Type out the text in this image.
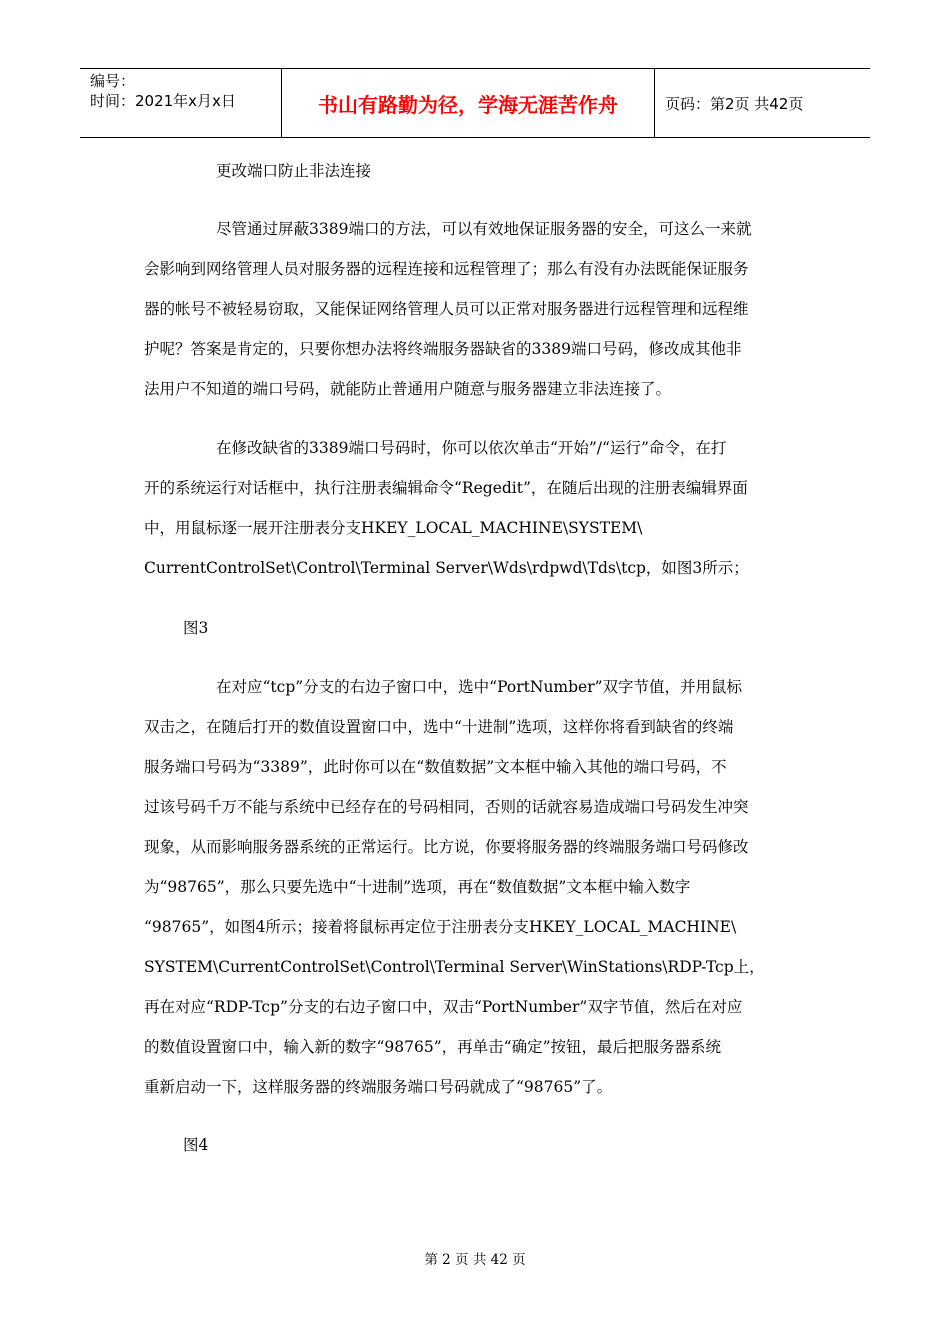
编号：
时间：2021年x月x日	书山有路勤为径，学海无涯苦作舟	页码：第2页 共42页

更改端口防止非法连接

尽管通过屏蔽3389端口的方法，可以有效地保证服务器的安全，可这么一来就
会影响到网络管理人员对服务器的远程连接和远程管理了；那么有没有办法既能保证服务
器的帐号不被轻易窃取，又能保证网络管理人员可以正常对服务器进行远程管理和远程维
护呢？答案是肯定的，只要你想办法将终端服务器缺省的3389端口号码，修改成其他非
法用户不知道的端口号码，就能防止普通用户随意与服务器建立非法连接了。
在修改缺省的3389端口号码时，你可以依次单击“开始”/“运行”命令，在打
开的系统运行对话框中，执行注册表编辑命令“Regedit”，在随后出现的注册表编辑界面
中，用鼠标逐一展开注册表分支HKEY_LOCAL_MACHINE\SYSTEM\
CurrentControlSet\Control\Terminal Server\Wds\rdpwd\Tds\tcp，如图3所示；

图3

在对应“tcp”分支的右边子窗口中，选中“PortNumber”双字节值，并用鼠标
双击之，在随后打开的数值设置窗口中，选中“十进制”选项，这样你将看到缺省的终端
服务端口号码为“3389”，此时你可以在“数值数据”文本框中输入其他的端口号码，不
过该号码千万不能与系统中已经存在的号码相同，否则的话就容易造成端口号码发生冲突
现象，从而影响服务器系统的正常运行。比方说，你要将服务器的终端服务端口号码修改
为“98765”，那么只要先选中“十进制”选项，再在“数值数据”文本框中输入数字
“98765”，如图4所示；接着将鼠标再定位于注册表分支HKEY_LOCAL_MACHINE\
SYSTEM\CurrentControlSet\Control\Terminal Server\WinStations\RDP-Tcp上，
再在对应“RDP-Tcp”分支的右边子窗口中，双击“PortNumber”双字节值，然后在对应
的数值设置窗口中，输入新的数字“98765”，再单击“确定”按钮，最后把服务器系统
重新启动一下，这样服务器的终端服务端口号码就成了“98765”了。

图4

第 2 页 共 42 页
